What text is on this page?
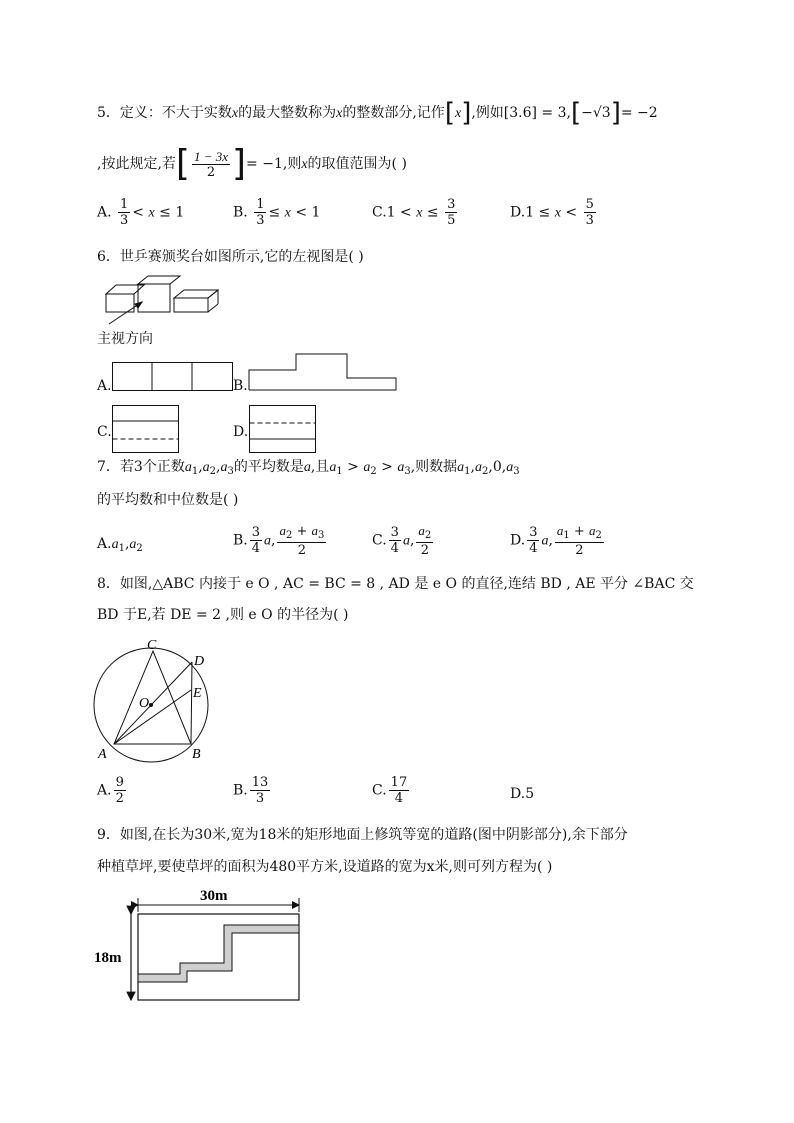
5．定义：不大于实数x的最大整数称为x的整数部分,记作[x],例如[3.6] = 3,[−√3]= −2
,按此规定,若[ $\frac{1 - 3x}{2}$ ]= −1,则x的取值范围为( )
A. $\frac{1}{3} < x \le 1$	B. $\frac{1}{3} \le x < 1$	$C.1 < x \le \frac{3}{5}$	$D.1 \le x < \frac{5}{3}$
6．世乒赛颁奖台如图所示,它的左视图是( )
主视方向
A.	B.
C.	D.
7．若3个正数$a_1,a_2,a_3$的平均数是a,且$a_1 > a_2 > a_3$,则数据$a_1,a_2,0,a_3$
的平均数和中位数是( )
$A.a_1,a_2$	B. $\frac{3}{4} a$, $\frac{a_2 + a_3}{2}$	C. $\frac{3}{4} a$, $\frac{a_2}{2}$	D. $\frac{3}{4} a$, $\frac{a_1 + a_2}{2}$
8．如图,△ABC 内接于 e O , AC = BC = 8 , AD 是 e O 的直径,连结 BD , AE 平分 ∠BAC 交
BD 于E,若 DE = 2 ,则 e O 的半径为( )
C
D
E
O
A	B
A. $\frac{9}{2}$	B. $\frac{13}{3}$	C. $\frac{17}{4}$	D.5
9．如图,在长为30米,宽为18米的矩形地面上修筑等宽的道路(图中阴影部分),余下部分
种植草坪,要使草坪的面积为480平方米,设道路的宽为x米,则可列方程为( )
30m
18m
